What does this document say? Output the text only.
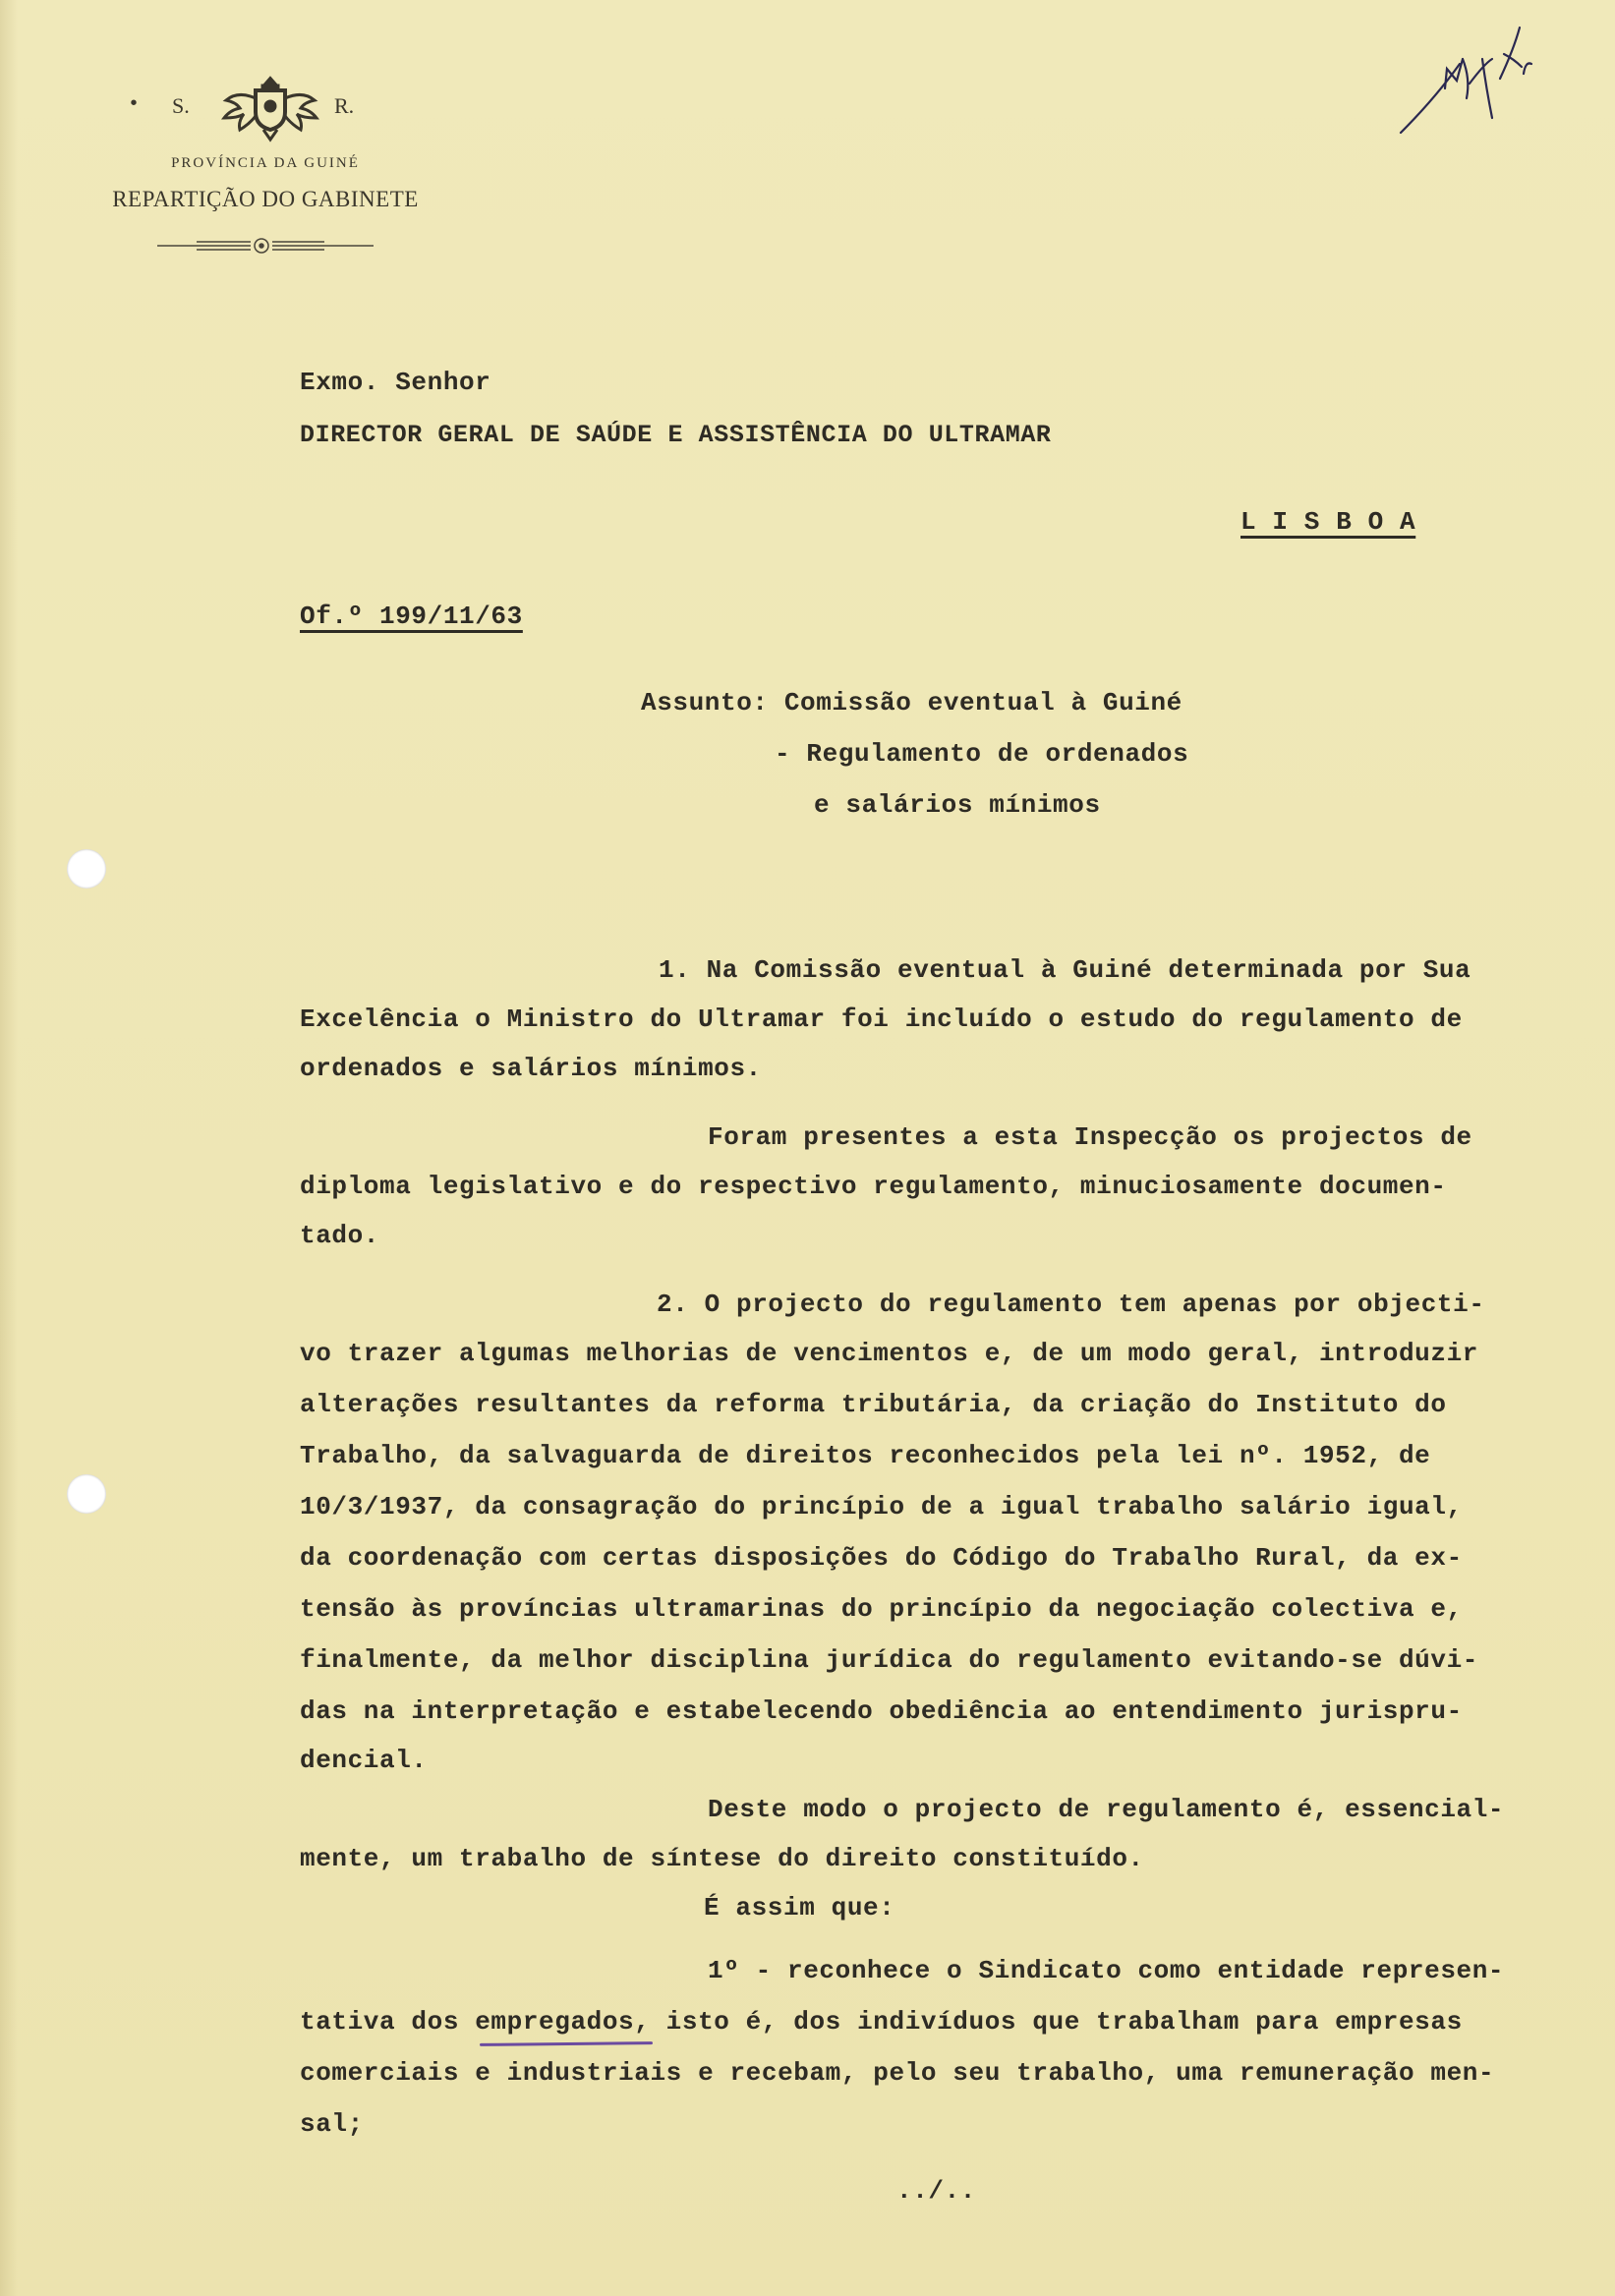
• S.	R.
PROVÍNCIA DA GUINÉ
REPARTIÇÃO DO GABINETE
Exmo. Senhor
DIRECTOR GERAL DE SAÚDE E ASSISTÊNCIA DO ULTRAMAR
L I S B O A
Of.º 199/11/63
Assunto: Comissão eventual à Guiné
- Regulamento de ordenados
e salários mínimos
1. Na Comissão eventual à Guiné determinada por Sua
Excelência o Ministro do Ultramar foi incluído o estudo do regulamento de
ordenados e salários mínimos.
Foram presentes a esta Inspecção os projectos de
diploma legislativo e do respectivo regulamento, minuciosamente documen-
tado.
2. O projecto do regulamento tem apenas por objecti-
vo trazer algumas melhorias de vencimentos e, de um modo geral, introduzir
alterações resultantes da reforma tributária, da criação do Instituto do
Trabalho, da salvaguarda de direitos reconhecidos pela lei nº. 1952, de
10/3/1937, da consagração do princípio de a igual trabalho salário igual,
da coordenação com certas disposições do Código do Trabalho Rural, da ex-
tensão às províncias ultramarinas do princípio da negociação colectiva e,
finalmente, da melhor disciplina jurídica do regulamento evitando-se dúvi-
das na interpretação e estabelecendo obediência ao entendimento jurispru-
dencial.
Deste modo o projecto de regulamento é, essencial-
mente, um trabalho de síntese do direito constituído.
É assim que:
1º - reconhece o Sindicato como entidade represen-
tativa dos empregados, isto é, dos indivíduos que trabalham para empresas
comerciais e industriais e recebam, pelo seu trabalho, uma remuneração men-
sal;
../..
